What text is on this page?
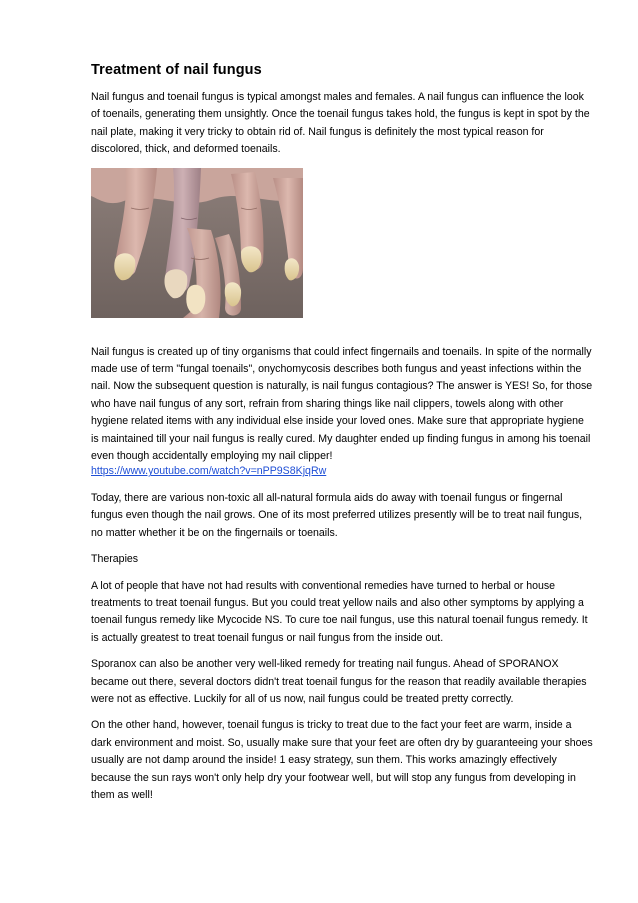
Treatment of nail fungus

Nail fungus and toenail fungus is typical amongst males and females. A nail fungus can influence the look of toenails, generating them unsightly. Once the toenail fungus takes hold, the fungus is kept in spot by the nail plate, making it very tricky to obtain rid of. Nail fungus is definitely the most typical reason for discolored, thick, and deformed toenails.

Nail fungus is created up of tiny organisms that could infect fingernails and toenails. In spite of the normally made use of term "fungal toenails", onychomycosis describes both fungus and yeast infections within the nail. Now the subsequent question is naturally, is nail fungus contagious? The answer is YES! So, for those who have nail fungus of any sort, refrain from sharing things like nail clippers, towels along with other hygiene related items with any individual else inside your loved ones. Make sure that appropriate hygiene is maintained till your nail fungus is really cured. My daughter ended up finding fungus in among his toenail even though accidentally employing my nail clipper!

https://www.youtube.com/watch?v=nPP9S8KjqRw

Today, there are various non-toxic all all-natural formula aids do away with toenail fungus or fingernal fungus even though the nail grows. One of its most preferred utilizes presently will be to treat nail fungus, no matter whether it be on the fingernails or toenails.

Therapies

A lot of people that have not had results with conventional remedies have turned to herbal or house treatments to treat toenail fungus. But you could treat yellow nails and also other symptoms by applying a toenail fungus remedy like Mycocide NS. To cure toe nail fungus, use this natural toenail fungus remedy. It is actually greatest to treat toenail fungus or nail fungus from the inside out.

Sporanox can also be another very well-liked remedy for treating nail fungus. Ahead of SPORANOX became out there, several doctors didn't treat toenail fungus for the reason that readily available therapies were not as effective. Luckily for all of us now, nail fungus could be treated pretty correctly.

On the other hand, however, toenail fungus is tricky to treat due to the fact your feet are warm, inside a dark environment and moist. So, usually make sure that your feet are often dry by guaranteeing your shoes usually are not damp around the inside! 1 easy strategy, sun them. This works amazingly effectively because the sun rays won't only help dry your footwear well, but will stop any fungus from developing in them as well!
